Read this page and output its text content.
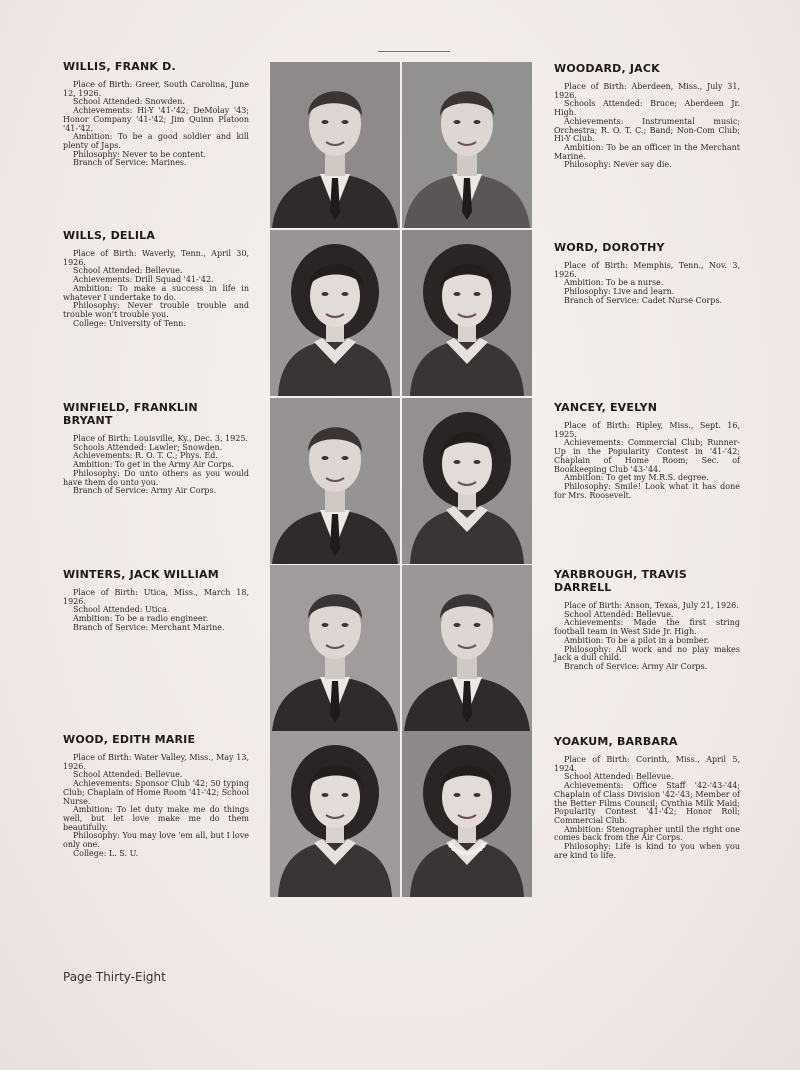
WILLIS, FRANK D.

Place of Birth: Greer, South Carolina, June 12, 1926.

School Attended: Snowden.

Achievements: Hi-Y '41-'42; DeMolay '43; Honor Company '41-'42; Jim Quinn Platoon '41-'42.

Ambition: To be a good soldier and kill plenty of Japs.

Philosophy: Never to be content.

Branch of Service: Marines.

WILLS, DELILA

Place of Birth: Waverly, Tenn., April 30, 1926.

School Attended: Bellevue.

Achievements: Drill Squad '41-'42.

Ambition: To make a success in life in whatever I undertake to do.

Philosophy: Never trouble trouble and trouble won't trouble you.

College: University of Tenn.

WINFIELD, FRANKLIN BRYANT

Place of Birth: Louisville, Ky., Dec. 3, 1925.

Schools Attended: Lawler; Snowden.

Achievements: R. O. T. C.; Phys. Ed.

Ambition: To get in the Army Air Corps.

Philosophy: Do unto others as you would have them do unto you.

Branch of Service: Army Air Corps.

WINTERS, JACK WILLIAM

Place of Birth: Utica, Miss., March 18, 1926.

School Attended: Utica.

Ambition: To be a radio engineer.

Branch of Service: Merchant Marine.

WOOD, EDITH MARIE

Place of Birth: Water Valley, Miss., May 13, 1926.

School Attended: Bellevue.

Achievements: Sponsor Club '42; 50 typing Club; Chaplain of Home Room '41-'42; School Nurse.

Ambition: To let duty make me do things well, but let love make me do them beautifully.

Philosophy: You may love 'em all, but I love only one.

College: L. S. U.

WOODARD, JACK

Place of Birth: Aberdeen, Miss., July 31, 1926.

Schools Attended: Bruce; Aberdeen Jr. High.

Achievements: Instrumental music; Orchestra; R. O. T. C.; Band; Non-Com Club; Hi-Y Club.

Ambition: To be an officer in the Merchant Marine.

Philosophy: Never say die.

WORD, DOROTHY

Place of Birth: Memphis, Tenn., Nov. 3, 1926.

Ambition: To be a nurse.

Philosophy: Live and learn.

Branch of Service: Cadet Nurse Corps.

YANCEY, EVELYN

Place of Birth: Ripley, Miss., Sept. 16, 1925.

Achievements: Commercial Club; Runner-Up in the Popularity Contest in '41-'42; Chaplain of Home Room; Sec. of Bookkeeping Club '43-'44.

Ambition: To get my M.R.S. degree.

Philosophy: Smile! Look what it has done for Mrs. Roosevelt.

YARBROUGH, TRAVIS DARRELL

Place of Birth: Anson, Texas, July 21, 1926.

School Attended: Bellevue.

Achievements: Made the first string football team in West Side Jr. High.

Ambition: To be a pilot in a bomber.

Philosophy: All work and no play makes Jack a dull child.

Branch of Service: Army Air Corps.

YOAKUM, BARBARA

Place of Birth: Corinth, Miss., April 5, 1924.

School Attended: Bellevue.

Achievements: Office Staff '42-'43-'44; Chaplain of Class Division '42-'43; Member of the Better Films Council; Cynthia Milk Maid; Popularity Contest '41-'42; Honor Roll; Commercial Club.

Ambition: Stenographer until the right one comes back from the Air Corps.

Philosophy: Life is kind to you when you are kind to life.

Page Thirty-Eight
